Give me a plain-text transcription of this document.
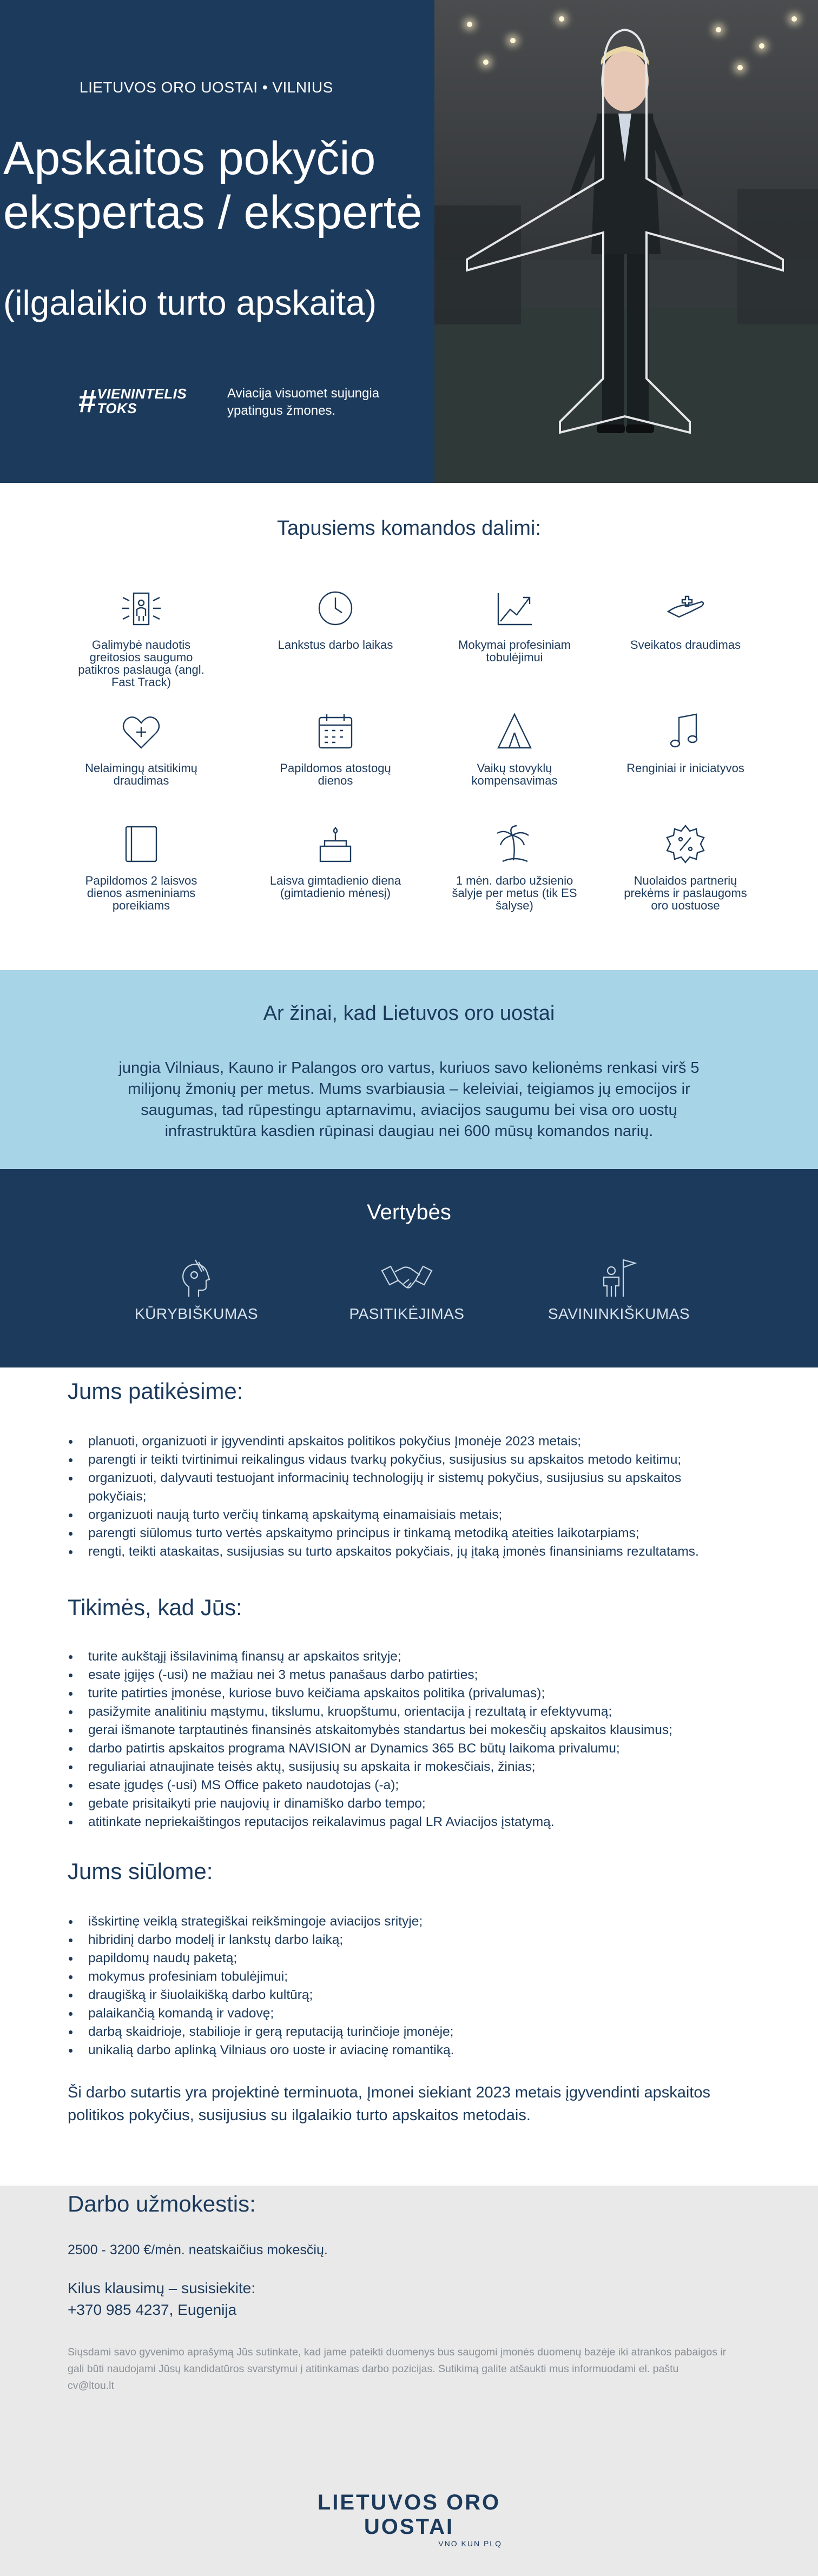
LIETUVOS ORO UOSTAI • VILNIUS
Apskaitos pokyčio ekspertas / ekspertė
(ilgalaikio turto apskaita)
# VIENINTELIS
TOKS
Aviacija visuomet sujungia ypatingus žmones.
Tapusiems komandos dalimi:
Galimybė naudotis greitosios saugumo patikros paslauga (angl. Fast Track)
Lankstus darbo laikas	Mokymai profesiniam tobulėjimui
Sveikatos draudimas
Nelaimingų atsitikimų draudimas
Papildomos atostogų dienos
Vaikų stovyklų kompensavimas
Renginiai ir iniciatyvos
Papildomos 2 laisvos dienos asmeniniams poreikiams
Laisva gimtadienio diena (gimtadienio mėnesį)
1 mėn. darbo užsienio šalyje per metus (tik ES šalyse)
Nuolaidos partnerių prekėms ir paslaugoms oro uostuose
Ar žinai, kad Lietuvos oro uostai

jungia Vilniaus, Kauno ir Palangos oro vartus, kuriuos savo kelionėms renkasi virš 5 milijonų žmonių per metus. Mums svarbiausia – keleiviai, teigiamos jų emocijos ir saugumas, tad rūpestingu aptarnavimu, aviacijos saugumu bei visa oro uostų infrastruktūra kasdien rūpinasi daugiau nei 600 mūsų komandos narių.

Vertybės
KŪRYBIŠKUMAS	PASITIKĖJIMAS	SAVININKIŠKUMAS
Jums patikėsime:
planuoti, organizuoti ir įgyvendinti apskaitos politikos pokyčius Įmonėje 2023 metais;
parengti ir teikti tvirtinimui reikalingus vidaus tvarkų pokyčius, susijusius su apskaitos metodo keitimu;
organizuoti, dalyvauti testuojant informacinių technologijų ir sistemų pokyčius, susijusius su apskaitos pokyčiais;
organizuoti naują turto verčių tinkamą apskaitymą einamaisiais metais;
parengti siūlomus turto vertės apskaitymo principus ir tinkamą metodiką ateities laikotarpiams;
rengti, teikti ataskaitas, susijusias su turto apskaitos pokyčiais, jų įtaką įmonės finansiniams rezultatams.
Tikimės, kad Jūs:
turite aukštąjį išsilavinimą finansų ar apskaitos srityje;
esate įgijęs (-usi) ne mažiau nei 3 metus panašaus darbo patirties;
turite patirties įmonėse, kuriose buvo keičiama apskaitos politika (privalumas);
pasižymite analitiniu mąstymu, tikslumu, kruopštumu, orientacija į rezultatą ir efektyvumą;
gerai išmanote tarptautinės finansinės atskaitomybės standartus bei mokesčių apskaitos klausimus;
darbo patirtis apskaitos programa NAVISION ar Dynamics 365 BC būtų laikoma privalumu;
reguliariai atnaujinate teisės aktų, susijusių su apskaita ir mokesčiais, žinias;
esate įgudęs (-usi) MS Office paketo naudotojas (-a);
gebate prisitaikyti prie naujovių ir dinamiško darbo tempo;
atitinkate nepriekaištingos reputacijos reikalavimus pagal LR Aviacijos įstatymą.
Jums siūlome:
išskirtinę veiklą strategiškai reikšmingoje aviacijos srityje;
hibridinį darbo modelį ir lankstų darbo laiką;
papildomų naudų paketą;
mokymus profesiniam tobulėjimui;
draugišką ir šiuolaikišką darbo kultūrą;
palaikančią komandą ir vadovę;
darbą skaidrioje, stabilioje ir gerą reputaciją turinčioje įmonėje;
unikalią darbo aplinką Vilniaus oro uoste ir aviacinę romantiką.

Ši darbo sutartis yra projektinė terminuota, Įmonei siekiant 2023 metais įgyvendinti apskaitos politikos pokyčius, susijusius su ilgalaikio turto apskaitos metodais.

Darbo užmokestis:
2500 - 3200 €/mėn. neatskaičius mokesčių.
Kilus klausimų – susisiekite:
+370 985 4237, Eugenija

Siųsdami savo gyvenimo aprašymą Jūs sutinkate, kad jame pateikti duomenys bus saugomi įmonės duomenų bazėje iki atrankos pabaigos ir gali būti naudojami Jūsų kandidatūros svarstymui į atitinkamas darbo pozicijas. Sutikimą galite atšaukti mus informuodami el. paštu cv@ltou.lt

LIETUVOS ORO UOSTAI
VNO KUN PLQ
